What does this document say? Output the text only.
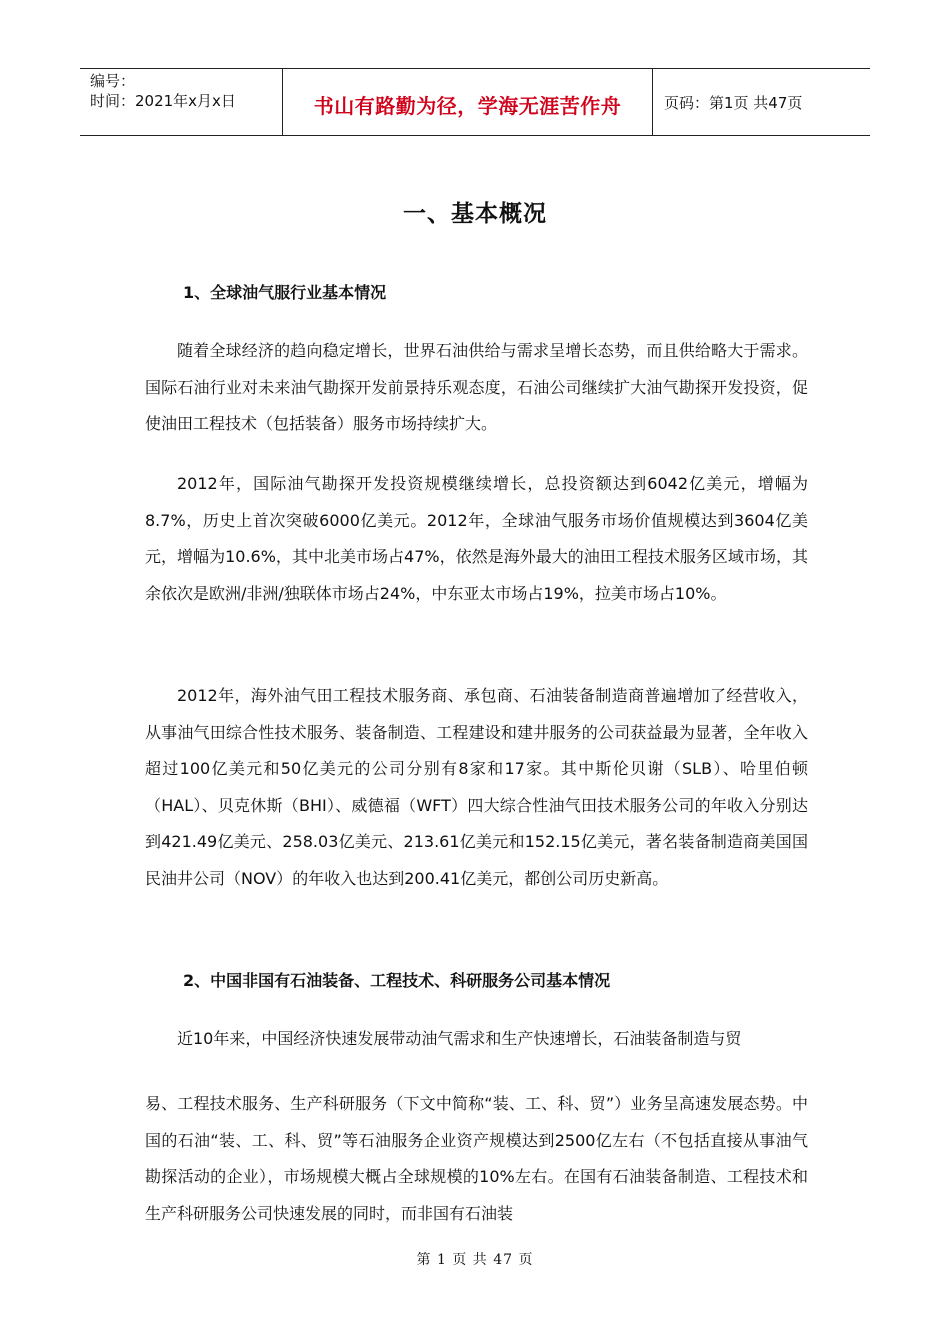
编号：
时间：2021年x月x日	书山有路勤为径，学海无涯苦作舟	页码：第1页 共47页
一、基本概况
1、全球油气服行业基本情况

随着全球经济的趋向稳定增长，世界石油供给与需求呈增长态势，而且供给略大于需求。国际石油行业对未来油气勘探开发前景持乐观态度，石油公司继续扩大油气勘探开发投资，促使油田工程技术（包括装备）服务市场持续扩大。

2012年，国际油气勘探开发投资规模继续增长，总投资额达到6042亿美元，增幅为8.7%，历史上首次突破6000亿美元。2012年，全球油气服务市场价值规模达到3604亿美元，增幅为10.6%，其中北美市场占47%，依然是海外最大的油田工程技术服务区域市场，其余依次是欧洲/非洲/独联体市场占24%，中东亚太市场占19%，拉美市场占10%。

2012年，海外油气田工程技术服务商、承包商、石油装备制造商普遍增加了经营收入，从事油气田综合性技术服务、装备制造、工程建设和建井服务的公司获益最为显著，全年收入超过100亿美元和50亿美元的公司分别有8家和17家。其中斯伦贝谢（SLB）、哈里伯顿（HAL）、贝克休斯（BHI）、威德福（WFT）四大综合性油气田技术服务公司的年收入分别达到421.49亿美元、258.03亿美元、213.61亿美元和152.15亿美元，著名装备制造商美国国民油井公司（NOV）的年收入也达到200.41亿美元，都创公司历史新高。

2、中国非国有石油装备、工程技术、科研服务公司基本情况

近10年来，中国经济快速发展带动油气需求和生产快速增长，石油装备制造与贸

易、工程技术服务、生产科研服务（下文中简称“装、工、科、贸”）业务呈高速发展态势。中国的石油“装、工、科、贸”等石油服务企业资产规模达到2500亿左右（不包括直接从事油气勘探活动的企业），市场规模大概占全球规模的10%左右。在国有石油装备制造、工程技术和生产科研服务公司快速发展的同时，而非国有石油装

第 1 页 共 47 页
